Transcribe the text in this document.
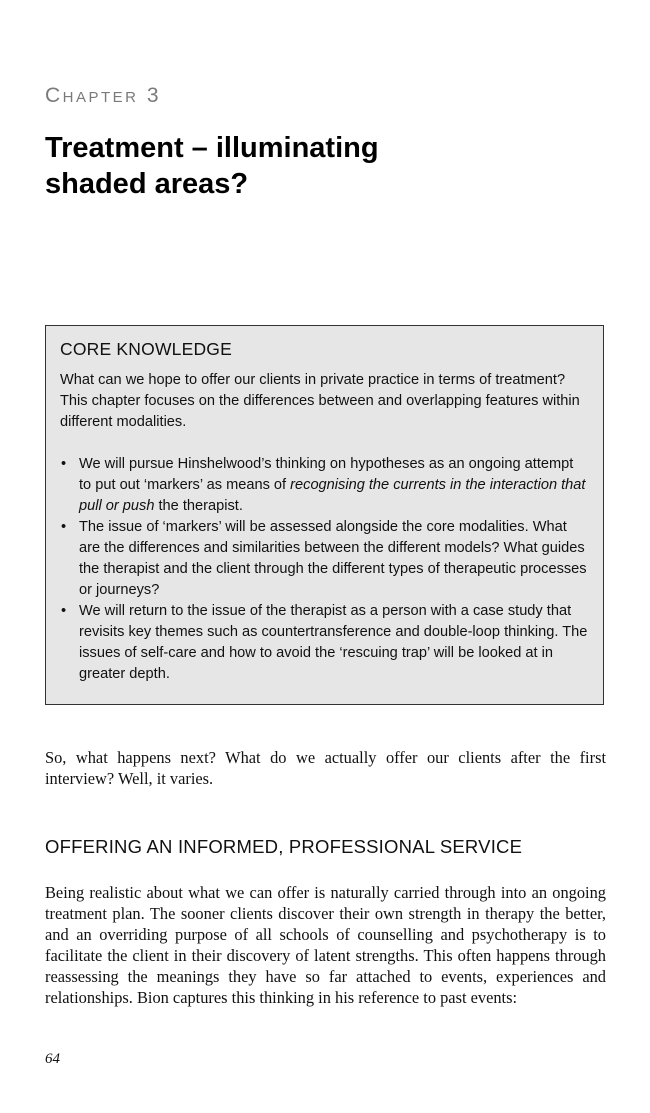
Chapter 3
Treatment – illuminating shaded areas?
CORE KNOWLEDGE

What can we hope to offer our clients in private practice in terms of treatment? This chapter focuses on the differences between and overlapping features within different modalities.

• We will pursue Hinshelwood’s thinking on hypotheses as an ongoing attempt to put out ‘markers’ as means of recognising the currents in the interaction that pull or push the therapist.
• The issue of ‘markers’ will be assessed alongside the core modalities. What are the differences and similarities between the different models? What guides the therapist and the client through the different types of therapeutic processes or journeys?
• We will return to the issue of the therapist as a person with a case study that revisits key themes such as countertransference and double-loop thinking. The issues of self-care and how to avoid the ‘rescuing trap’ will be looked at in greater depth.

So, what happens next? What do we actually offer our clients after the first interview? Well, it varies.

OFFERING AN INFORMED, PROFESSIONAL SERVICE

Being realistic about what we can offer is naturally carried through into an ongoing treatment plan. The sooner clients discover their own strength in therapy the better, and an overriding purpose of all schools of counselling and psychotherapy is to facilitate the client in their discovery of latent strengths. This often happens through reassessing the meanings they have so far attached to events, experiences and relationships. Bion captures this thinking in his reference to past events:

64
